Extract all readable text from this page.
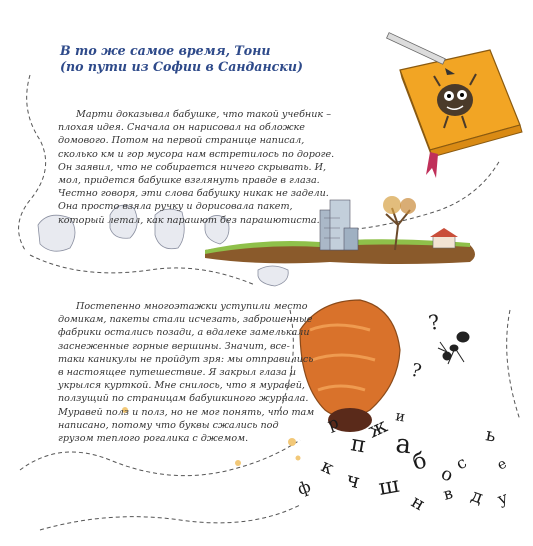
?
?
р
п
ж
а
б о
с
ь
к
ф ч ш
н в д
е
и
у
В то же самое время, Тони
(по пути из Софии в Сандански)

Марти доказывал бабушке, что такой учебник – плохая идея. Сначала он нарисовал на обложке домового. Потом на первой странице написал, сколько км и гор мусора нам встретилось по дороге. Он заявил, что не собирается ничего скрывать. И, мол, придется бабушке взглянуть правде в глаза. Честно говоря, эти слова бабушку никак не задели. Она просто взяла ручку и дорисовала пакет, который летал, как парашют без парашютиста.

Постепенно многоэтажки уступили место домикам, пакеты стали исчезать, заброшенные фабрики остались позади, а вдалеке замелькали заснеженные горные вершины. Значит, все-таки каникулы не пройдут зря: мы отправились в настоящее путешествие. Я закрыл глаза и укрылся курткой. Мне снилось, что я муравей, ползущий по страницам бабушкиного журнала. Муравей полз и полз, но не мог понять, что там написано, потому что буквы сжались под грузом теплого рогалика с джемом.
